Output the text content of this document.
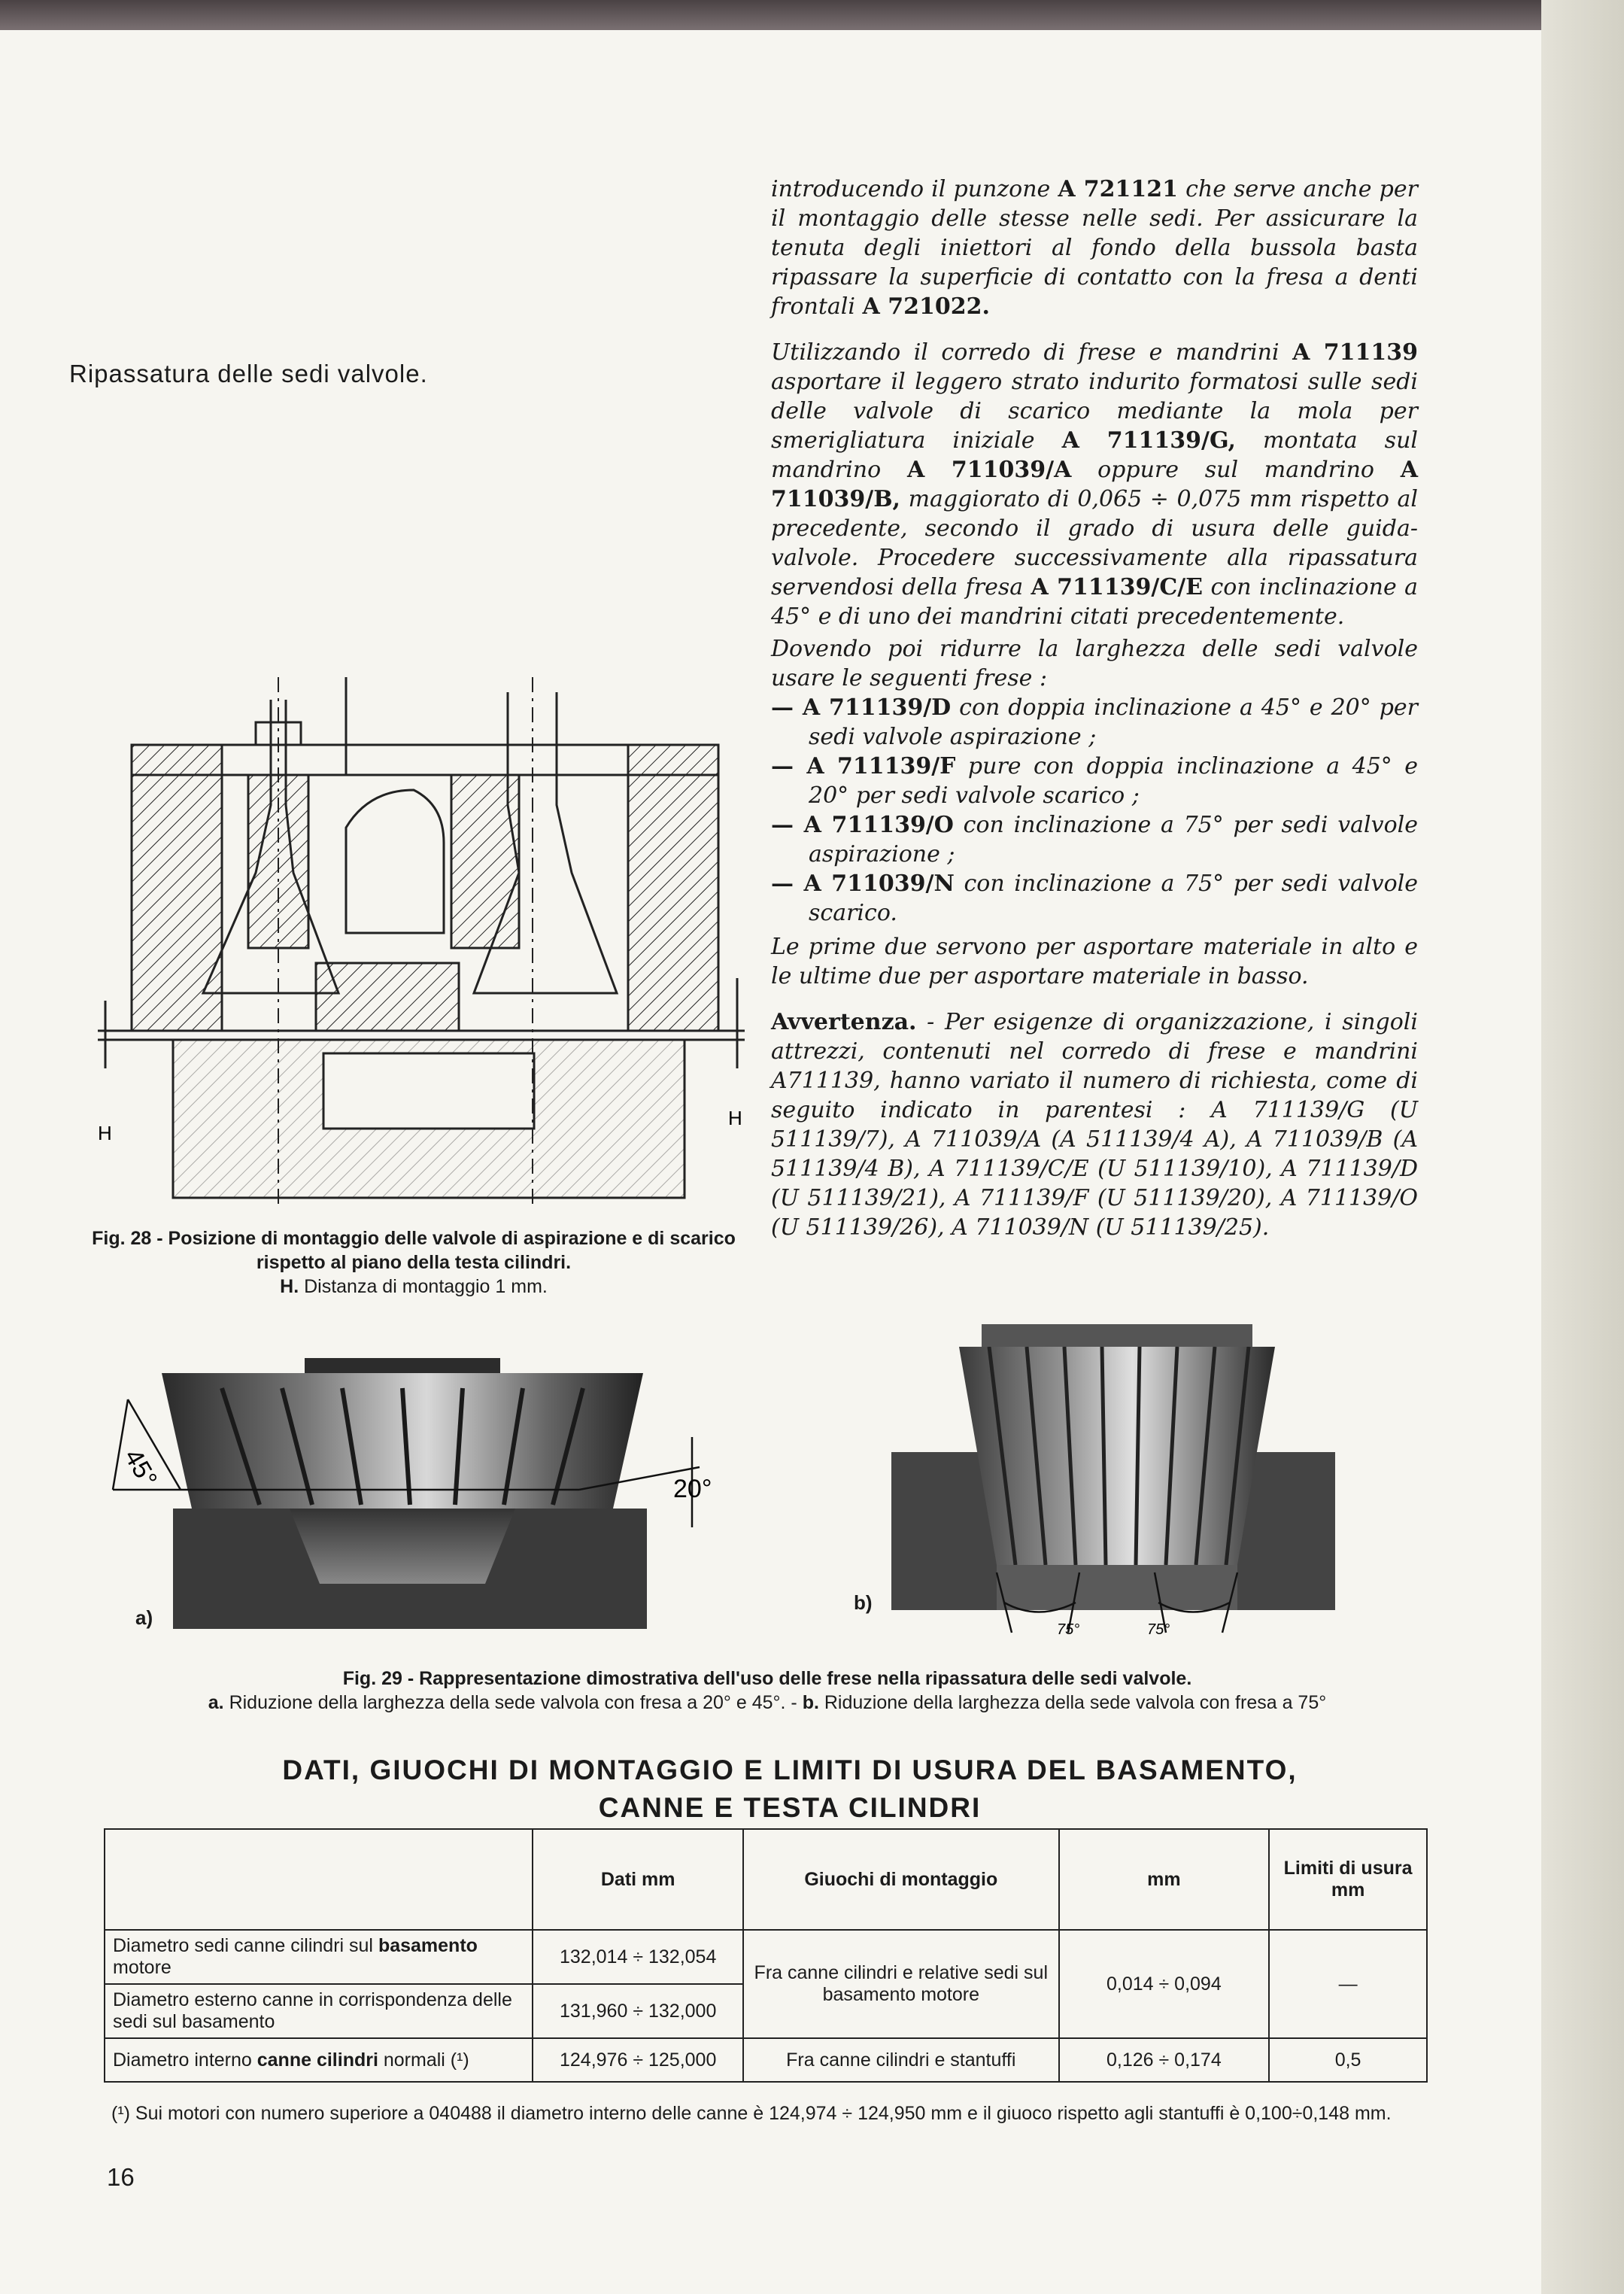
Ripassatura delle sedi valvole.

introducendo il punzone A 721121 che serve anche per il montaggio delle stesse nelle sedi. Per assicurare la tenuta degli iniettori al fondo della bussola basta ripassare la superficie di contatto con la fresa a denti frontali A 721022.

Utilizzando il corredo di frese e mandrini A 711139 asportare il leggero strato indurito formatosi sulle sedi delle valvole di scarico mediante la mola per smerigliatura iniziale A 711139/G, montata sul mandrino A 711039/A oppure sul mandrino A 711039/B, maggiorato di 0,065 ÷ 0,075 mm rispetto al precedente, secondo il grado di usura delle guida-valvole. Procedere successivamente alla ripassatura servendosi della fresa A 711139/C/E con inclinazione a 45° e di uno dei mandrini citati precedentemente.

Dovendo poi ridurre la larghezza delle sedi valvole usare le seguenti frese :

— A 711139/D con doppia inclinazione a 45° e 20° per sedi valvole aspirazione ;

— A 711139/F pure con doppia inclinazione a 45° e 20° per sedi valvole scarico ;

— A 711139/O con inclinazione a 75° per sedi valvole aspirazione ;

— A 711039/N con inclinazione a 75° per sedi valvole scarico.

Le prime due servono per asportare materiale in alto e le ultime due per asportare materiale in basso.

Avvertenza. - Per esigenze di organizzazione, i singoli attrezzi, contenuti nel corredo di frese e mandrini A711139, hanno variato il numero di richiesta, come di seguito indicato in parentesi : A 711139/G (U 511139/7), A 711039/A (A 511139/4 A), A 711039/B (A 511139/4 B), A 711139/C/E (U 511139/10), A 711139/D (U 511139/21), A 711139/F (U 511139/20), A 711139/O (U 511139/26), A 711039/N (U 511139/25).

H
H
Fig. 28 - Posizione di montaggio delle valvole di aspirazione e di scarico rispetto al piano della testa cilindri.
H. Distanza di montaggio 1 mm.
45°	20°
a)
75°	75°
b)
Fig. 29 - Rappresentazione dimostrativa dell'uso delle frese nella ripassatura delle sedi valvole.
a. Riduzione della larghezza della sede valvola con fresa a 20° e 45°. - b. Riduzione della larghezza della sede valvola con fresa a 75°
DATI, GIUOCHI DI MONTAGGIO E LIMITI DI USURA DEL BASAMENTO,
CANNE E TESTA CILINDRI
	Dati mm	Giuochi di montaggio	mm	Limiti di usura mm
Diametro sedi canne cilindri sul basamento motore	132,014 ÷ 132,054	Fra canne cilindri e relative sedi sul basamento motore	0,014 ÷ 0,094	—
Diametro esterno canne in corrispondenza delle sedi sul basamento	131,960 ÷ 132,000			
Diametro interno canne cilindri normali (¹)	124,976 ÷ 125,000	Fra canne cilindri e stantuffi	0,126 ÷ 0,174	0,5
(¹) Sui motori con numero superiore a 040488 il diametro interno delle canne è 124,974 ÷ 124,950 mm e il giuoco rispetto agli stantuffi è 0,100÷0,148 mm.
16
